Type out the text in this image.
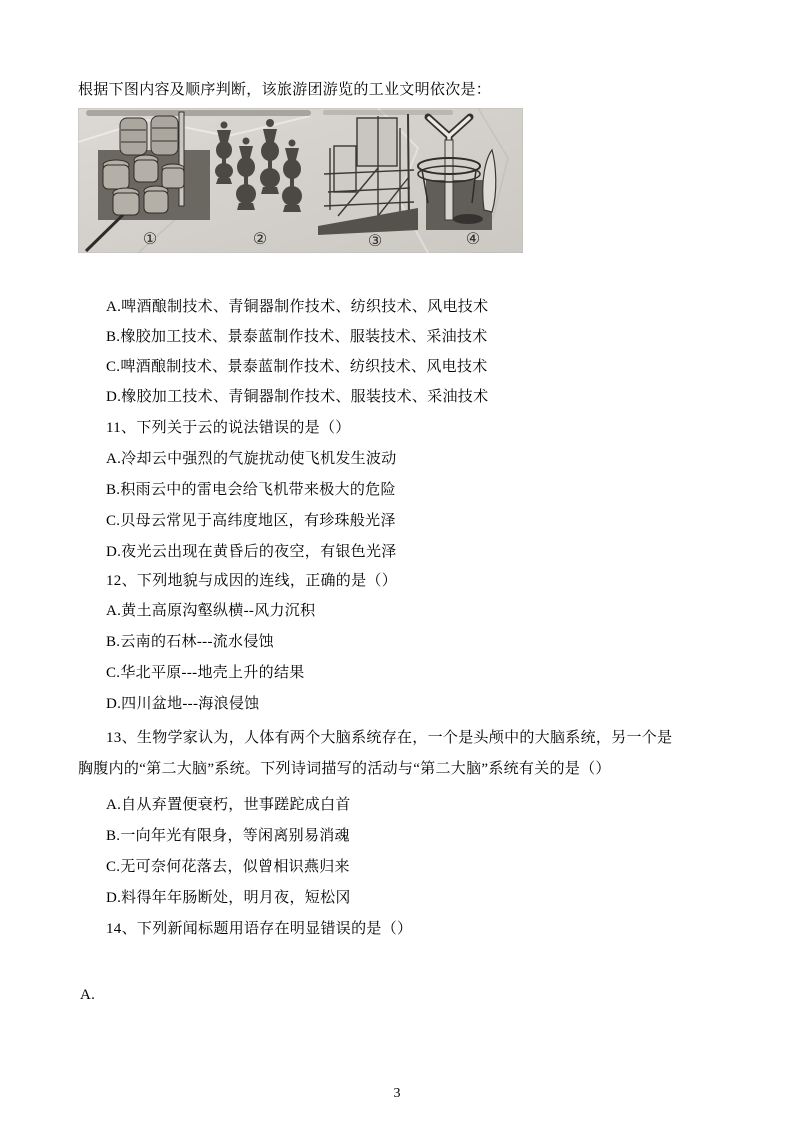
根据下图内容及顺序判断，该旅游团游览的工业文明依次是：
①	②	③	④
A.啤酒酿制技术、青铜器制作技术、纺织技术、风电技术
B.橡胶加工技术、景泰蓝制作技术、服装技术、采油技术
C.啤酒酿制技术、景泰蓝制作技术、纺织技术、风电技术
D.橡胶加工技术、青铜器制作技术、服装技术、采油技术
11、下列关于云的说法错误的是（）
A.冷却云中强烈的气旋扰动使飞机发生波动
B.积雨云中的雷电会给飞机带来极大的危险
C.贝母云常见于高纬度地区，有珍珠般光泽
D.夜光云出现在黄昏后的夜空，有银色光泽
12、下列地貌与成因的连线，正确的是（）
A.黄土高原沟壑纵横--风力沉积
B.云南的石林---流水侵蚀
C.华北平原---地壳上升的结果
D.四川盆地---海浪侵蚀
13、生物学家认为，人体有两个大脑系统存在，一个是头颅中的大脑系统，另一个是
胸腹内的“第二大脑”系统。下列诗词描写的活动与“第二大脑”系统有关的是（）
A.自从弃置便衰朽，世事蹉跎成白首
B.一向年光有限身，等闲离别易消魂
C.无可奈何花落去，似曾相识燕归来
D.料得年年肠断处，明月夜，短松冈
14、下列新闻标题用语存在明显错误的是（）
A.
3
